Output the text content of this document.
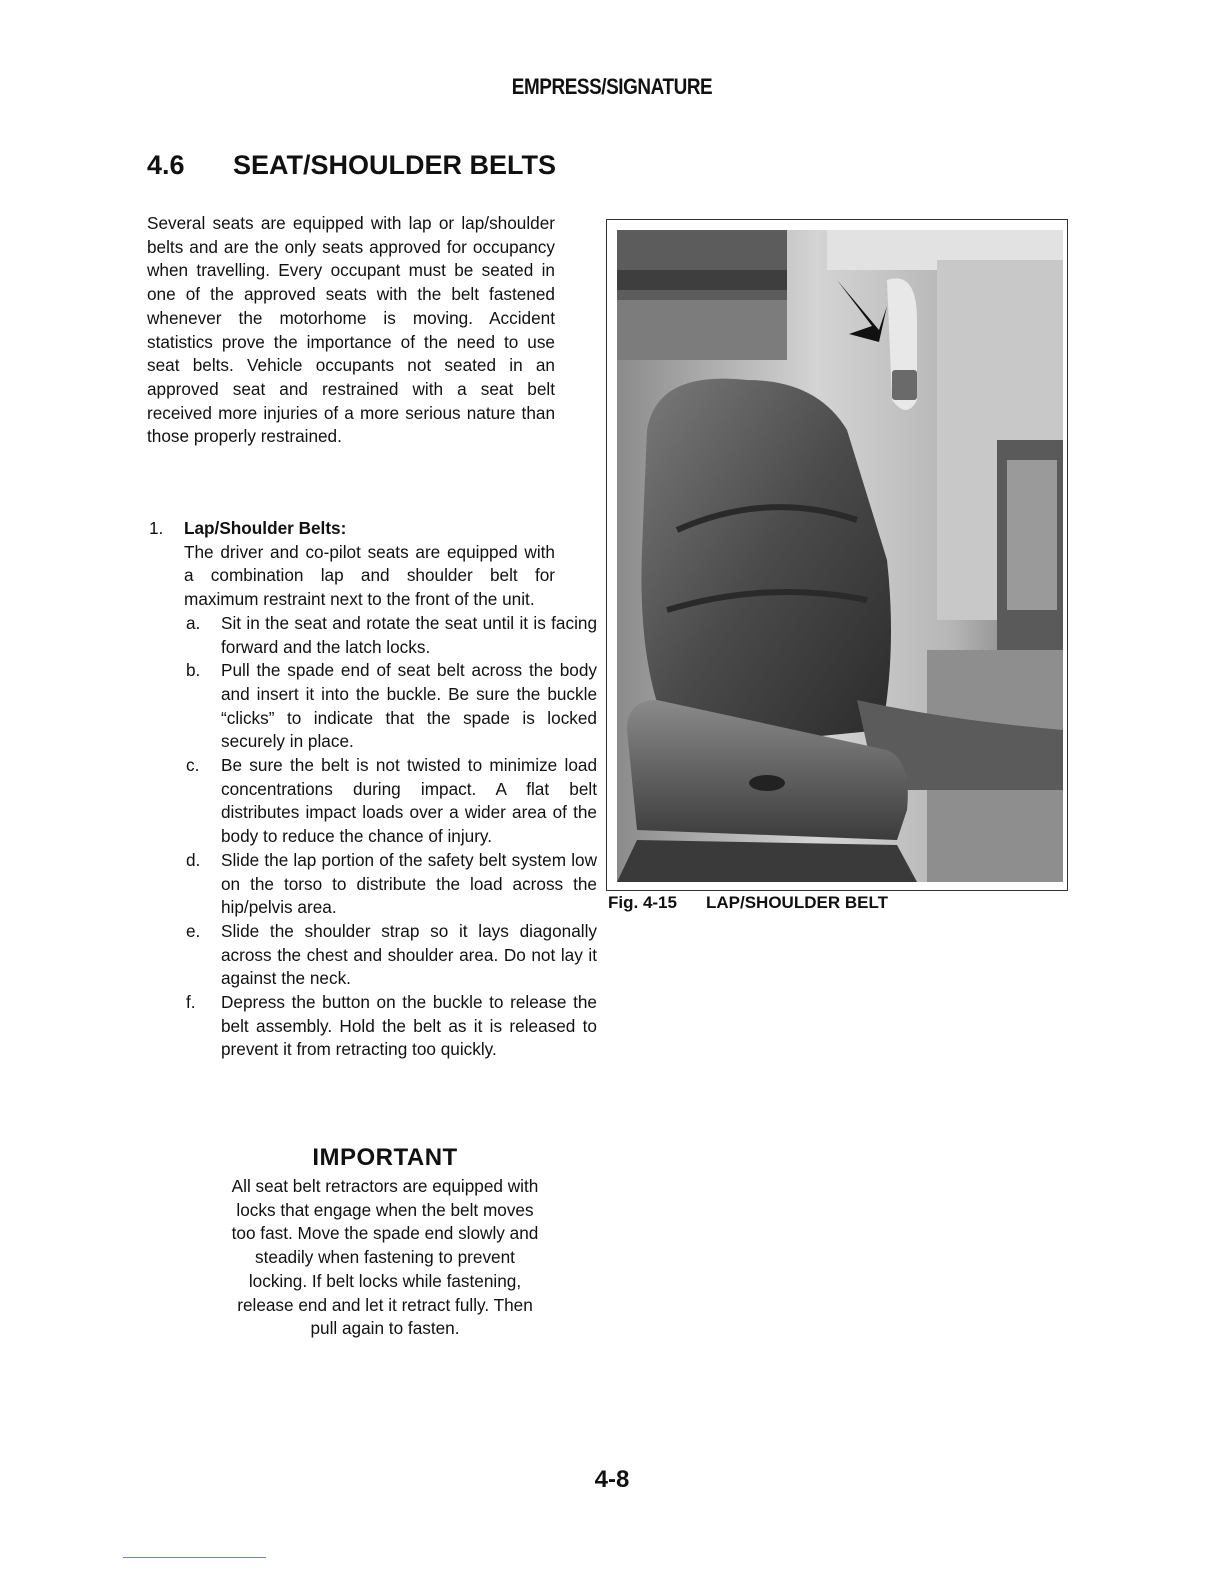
EMPRESS/SIGNATURE
4.6 SEAT/SHOULDER BELTS

Several seats are equipped with lap or lap/shoulder belts and are the only seats approved for occupancy when travelling. Every occupant must be seated in one of the approved seats with the belt fastened whenever the motorhome is moving. Accident statistics prove the importance of the need to use seat belts. Vehicle occupants not seated in an approved seat and restrained with a seat belt received more injuries of a more serious nature than those properly restrained.

1. Lap/Shoulder Belts:

The driver and co-pilot seats are equipped with a combination lap and shoulder belt for maximum restraint next to the front of the unit.

a. Sit in the seat and rotate the seat until it is facing forward and the latch locks.
b. Pull the spade end of seat belt across the body and insert it into the buckle. Be sure the buckle “clicks” to indicate that the spade is locked securely in place.
c. Be sure the belt is not twisted to minimize load concentrations during impact. A flat belt distributes impact loads over a wider area of the body to reduce the chance of injury.
d. Slide the lap portion of the safety belt system low on the torso to distribute the load across the hip/pelvis area.
e. Slide the shoulder strap so it lays diagonally across the chest and shoulder area. Do not lay it against the neck.
f. Depress the button on the buckle to release the belt assembly. Hold the belt as it is released to prevent it from retracting too quickly.
IMPORTANT

All seat belt retractors are equipped with locks that engage when the belt moves too fast. Move the spade end slowly and steadily when fastening to prevent locking. If belt locks while fastening, release end and let it retract fully. Then pull again to fasten.

Fig. 4-15 LAP/SHOULDER BELT
4-8
